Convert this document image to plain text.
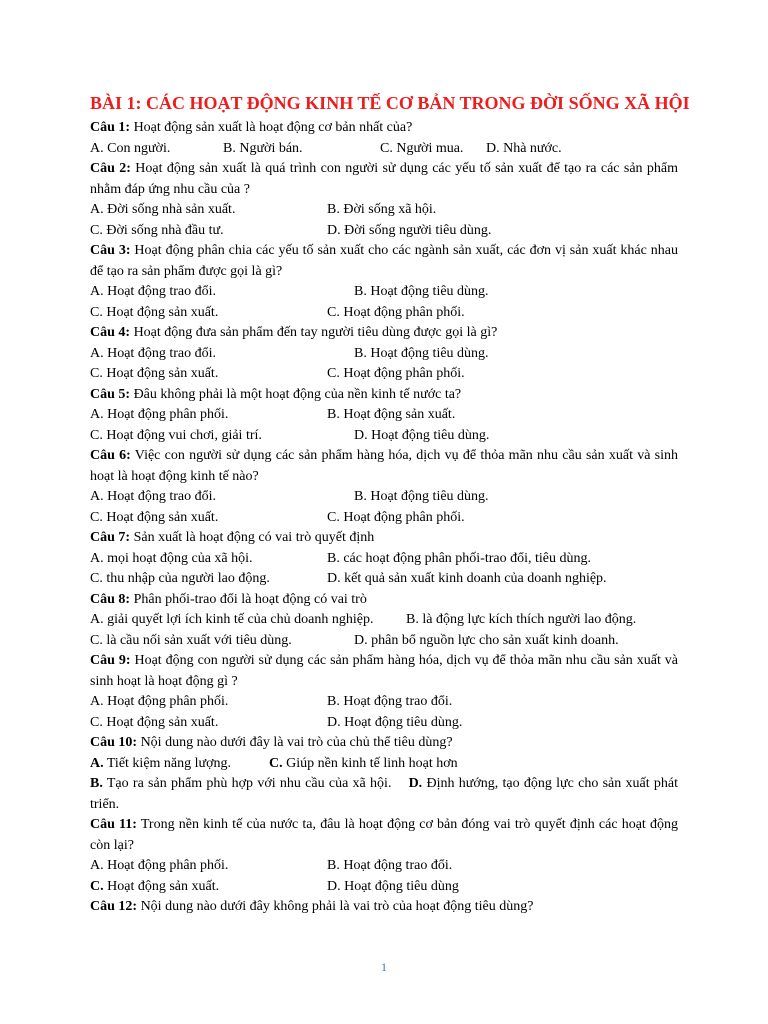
BÀI 1: CÁC HOẠT ĐỘNG KINH TẾ CƠ BẢN TRONG ĐỜI SỐNG XÃ HỘI
Câu 1: Hoạt động sản xuất là hoạt động cơ bản nhất của?
A. Con người.	B. Người bán.	C. Người mua. D. Nhà nước.
Câu 2: Hoạt động sản xuất là quá trình con người sử dụng các yếu tố sản xuất để tạo ra các sản phẩm nhằm đáp ứng nhu cầu của ?
A. Đời sống nhà sản xuất.	B. Đời sống xã hội.
C. Đời sống nhà đầu tư.	D. Đời sống người tiêu dùng.
Câu 3: Hoạt động phân chia các yếu tố sản xuất cho các ngành sản xuất, các đơn vị sản xuất khác nhau để tạo ra sản phẩm được gọi là gì?
A. Hoạt động trao đổi.	B. Hoạt động tiêu dùng.
C. Hoạt động sản xuất.	C. Hoạt động phân phối.
Câu 4: Hoạt động đưa sản phẩm đến tay người tiêu dùng được gọi là gì?
A. Hoạt động trao đổi.	B. Hoạt động tiêu dùng.
C. Hoạt động sản xuất.	C. Hoạt động phân phối.
Câu 5: Đâu không phải là một hoạt động của nền kinh tế nước ta?
A. Hoạt động phân phối.	B. Hoạt động sản xuất.
C. Hoạt động vui chơi, giải trí.	D. Hoạt động tiêu dùng.
Câu 6: Việc con người sử dụng các sản phẩm hàng hóa, dịch vụ để thỏa mãn nhu cầu sản xuất và sinh hoạt là hoạt động kinh tế nào?
A. Hoạt động trao đổi.	B. Hoạt động tiêu dùng.
C. Hoạt động sản xuất.	C. Hoạt động phân phối.
Câu 7: Sản xuất là hoạt động có vai trò quyết định
A. mọi hoạt động của xã hội.	B. các hoạt động phân phối-trao đổi, tiêu dùng.
C. thu nhập của người lao động.	D. kết quả sản xuất kinh doanh của doanh nghiệp.
Câu 8: Phân phối-trao đổi là hoạt động có vai trò
A. giải quyết lợi ích kinh tế của chủ doanh nghiệp. B. là động lực kích thích người lao động.
C. là cầu nối sản xuất với tiêu dùng.	D. phân bổ nguồn lực cho sản xuất kinh doanh.
Câu 9: Hoạt động con người sử dụng các sản phẩm hàng hóa, dịch vụ để thỏa mãn nhu cầu sản xuất và sinh hoạt là hoạt động gì ?
A. Hoạt động phân phối.	B. Hoạt động trao đổi.
C. Hoạt động sản xuất.	D. Hoạt động tiêu dùng.
Câu 10: Nội dung nào dưới đây là vai trò của chủ thể tiêu dùng?
A. Tiết kiệm năng lượng.	C. Giúp nền kinh tế linh hoạt hơn
B. Tạo ra sản phẩm phù hợp với nhu cầu của xã hội. D. Định hướng, tạo động lực cho sản xuất phát triển.
Câu 11: Trong nền kinh tế của nước ta, đâu là hoạt động cơ bản đóng vai trò quyết định các hoạt động còn lại?
A. Hoạt động phân phối.	B. Hoạt động trao đổi.
C. Hoạt động sản xuất.	D. Hoạt động tiêu dùng
Câu 12: Nội dung nào dưới đây không phải là vai trò của hoạt động tiêu dùng?
1
